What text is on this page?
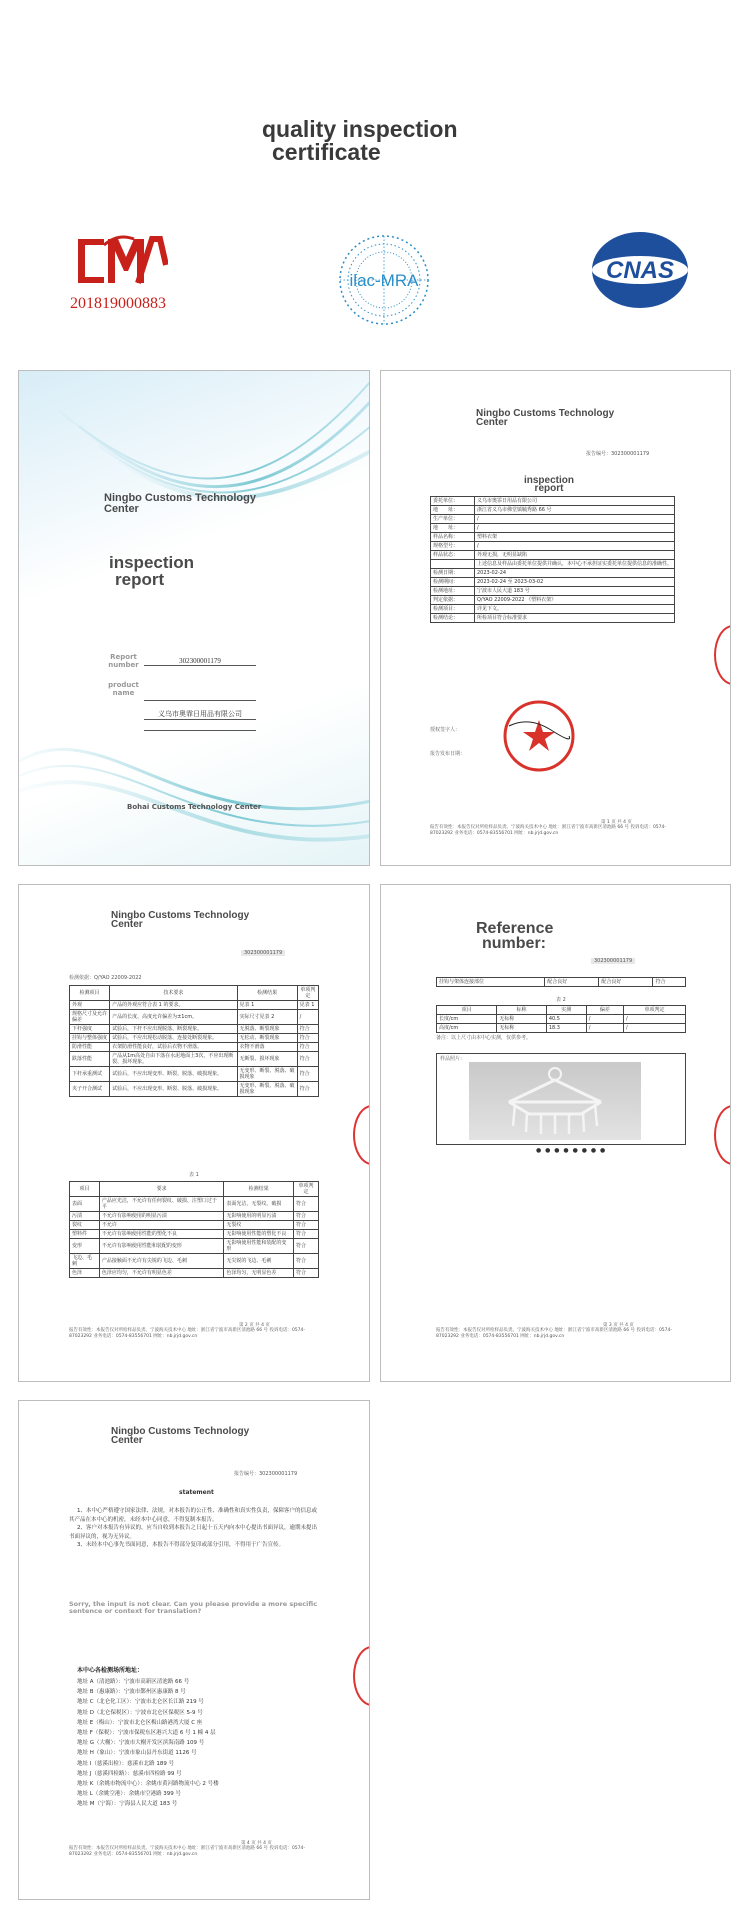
quality inspection
certificate
201819000883
ilac-MRA	CNAS
Ningbo Customs Technology Center
inspection
report
Report number	302300001179
product name
义乌市奥霏日用品有限公司
Bohai Customs Technology Center
Ningbo Customs Technology Center
报告编号：302300001179
inspection
report
委托单位：	义乌市奥霏日用品有限公司
地　　址：	浙江省义乌市佛堂镇毓秀路 66 号
生产单位：	/
地　　址：	/
样品名称：	塑料衣架
规格型号：	/
样品状态：	外观无损，无明显缺陷
	上述信息及样品由委托单位提供并确认，本中心不承担证实委托单位提供信息的准确性。
检测日期：	2023-02-24
检测期间：	2023-02-24 至 2023-03-02
检测地址：	宁波市人民大道 183 号
判定依据：	Q/YAO 22009-2022 《塑料衣架》
检测项目：	详见下文。
检测结论：	所检项目符合标准要求
授权签字人：
报告发布日期：
报告有效性：本报告仅对所检样品负责。宁波海关技术中心 地址：浙江省宁波市高新区清池路 66 号 投诉电话：0574-87023292 业务电话：0574-83556701 网址：nb.jrjd.gov.cn
第 1 页 共 4 页
Ningbo Customs Technology Center
302300001179
检测依据：Q/YAO 22009-2022
检测项目	技术要求	检测结果	单项判定
外观	产品的外观应符合表 1 的要求。	见表 1	见表 1
规格尺寸及允许偏差	产品的长度、高度允许偏差为±1cm。	实际尺寸见表 2	/
下杆强度	试验后，下杆不应出现脱落、断裂现象。	无脱落、断裂现象	符合
挂钩与整体强度	试验后，不应出现松动脱落、连接处断裂现象。	无松动、断裂现象	符合
防滑性能	衣架防滑性能良好，试验后衣物不滑落。	衣物不滑落	符合
跌落性能	产品从1m高处自由下落在水泥地面上3次，不应出现断裂、损坏现象。	无断裂、损坏现象	符合
下杆承重测试	试验后，不应出现变形、断裂、脱落、破损现象。	无变形、断裂、脱落、破损现象	符合
夹子开合测试	试验后，不应出现变形、断裂、脱落、破损现象。	无变形、断裂、脱落、破损现象	符合
表 1
项目	要求	检测结果	单项判定
表面	产品应光洁，不允许有任何裂纹、破损、注塑口过于平	表面光洁，无裂纹、破损	符合
污渍	不允许有影响使用的明显污渍	无影响使用的明显污渍	符合
裂纹	不允许	无裂纹	符合
塑料件	不允许有影响使用性能的塑化不良	无影响使用性能的塑化不良	符合
变形	不允许有影响使用性能和装配的变形	无影响使用性能和装配的变形	符合
飞边、毛刺	产品接触面不允许有尖锐的飞边、毛刺	无尖锐的飞边、毛刺	符合
色泽	色泽应均匀，不允许有明显色差	色泽均匀，无明显色差	符合
报告有效性：本报告仅对所检样品负责。宁波海关技术中心 地址：浙江省宁波市高新区清池路 66 号 投诉电话：0574-87023292 业务电话：0574-83556701 网址：nb.jrjd.gov.cn
第 2 页 共 4 页
Reference
number:
302300001179
挂钩与架体连接部位	配合良好	配合良好	符合
表 2
项目	标称	实测	偏差	单项判定
长度/cm	无标称	40.5	/	/
高度/cm	无标称	18.3	/	/
备注：以上尺寸由本中心实测，仅供参考。
样品照片：
● ● ● ● ● ● ● ●
报告有效性：本报告仅对所检样品负责。宁波海关技术中心 地址：浙江省宁波市高新区清池路 66 号 投诉电话：0574-87023292 业务电话：0574-83556701 网址：nb.jrjd.gov.cn
第 3 页 共 4 页
Ningbo Customs Technology Center
报告编号：302300001179
statement

1、本中心严格遵守国家法律、法规，对本报告的公正性、准确性和真实性负责，保障客户的信息或其产品在本中心的机密，未经本中心同意，不得复制本报告。

2、客户对本报告有异议的，应当自收到本报告之日起十五天内向本中心提出书面异议，逾期未提出书面异议的，视为无异议。

3、未经本中心事先书面同意，本报告不得部分复印或部分引用，不得用于广告宣传。

Sorry, the input is not clear. Can you please provide a more specific sentence or context for translation?
本中心各检测场所地址：
地址 A（清池路）：宁波市高新区清池路 66 号
地址 B（惠康路）：宁波市鄞州区惠康路 8 号
地址 C（北仑化工区）：宁波市北仑区长江路 219 号
地址 D（北仑保税区）：宁波市北仑区保税区 5-9 号
地址 E（梅山）：宁波市北仑区梅山路港湾大厦 C 座
地址 F（保税）：宁波市保税东区港兴大道 6 号 1 幢 4 层
地址 G（大榭）：宁波市大榭开发区滨海南路 109 号
地址 H（象山）：宁波市象山县丹东街道 1126 号
地址 I（慈溪出检）：慈溪市北路 189 号
地址 J（慈溪四检路）：慈溪市四检路 99 号
地址 K（余姚市物流中心）：余姚市黄河路物流中心 2 号楼
地址 L（余姚空港）：余姚市空港路 399 号
地址 M（宁海）：宁海县人民大道 183 号
报告有效性：本报告仅对所检样品负责。宁波海关技术中心 地址：浙江省宁波市高新区清池路 66 号 投诉电话：0574-87023292 业务电话：0574-83556701 网址：nb.jrjd.gov.cn
第 4 页 共 4 页
